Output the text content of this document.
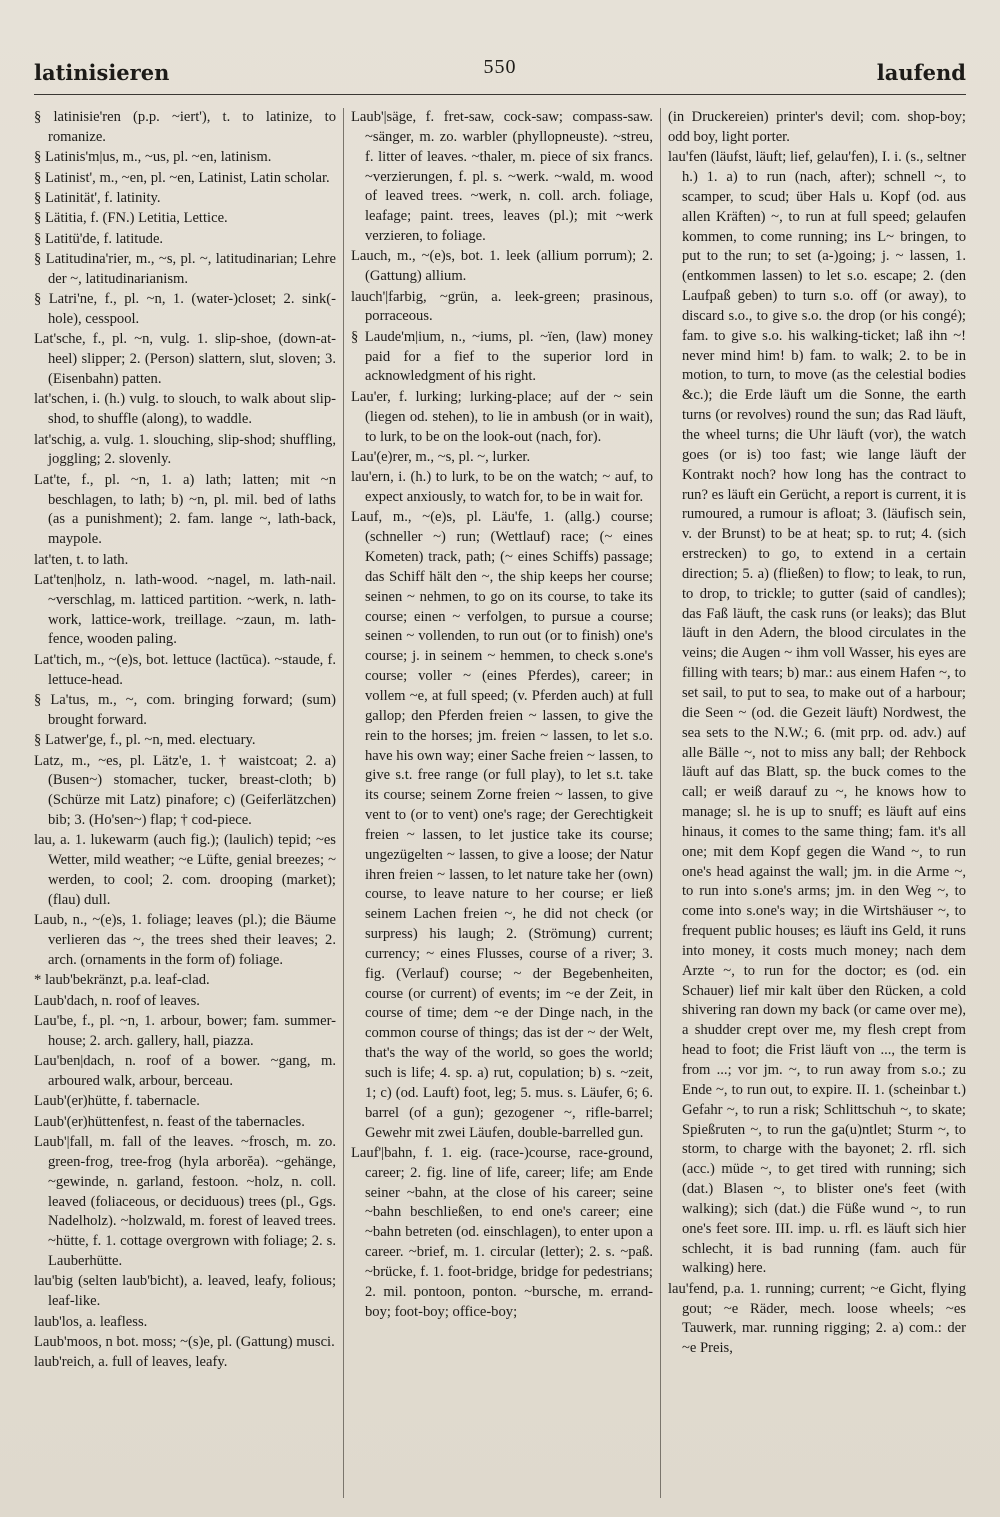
latinisieren	550	laufend

§ latinisie'ren (p.p. ~iert'), t. to latinize, to romanize.

§ Latinis'm|us, m., ~us, pl. ~en, latinism.

§ Latinist', m., ~en, pl. ~en, Latinist, Latin scholar.

§ Latinität', f. latinity.

§ Lätitia, f. (FN.) Letitia, Lettice.

§ Latitü'de, f. latitude.

§ Latitudina'rier, m., ~s, pl. ~, latitudinarian; Lehre der ~, latitudinarianism.

§ Latri'ne, f., pl. ~n, 1. (water-)closet; 2. sink(-hole), cesspool.

Lat'sche, f., pl. ~n, vulg. 1. slip-shoe, (down-at-heel) slipper; 2. (Person) slattern, slut, sloven; 3. (Eisenbahn) patten.

lat'schen, i. (h.) vulg. to slouch, to walk about slip-shod, to shuffle (along), to waddle.

lat'schig, a. vulg. 1. slouching, slip-shod; shuffling, joggling; 2. slovenly.

Lat'te, f., pl. ~n, 1. a) lath; latten; mit ~n beschlagen, to lath; b) ~n, pl. mil. bed of laths (as a punishment); 2. fam. lange ~, lath-back, maypole.

lat'ten, t. to lath.

Lat'ten|holz, n. lath-wood. ~nagel, m. lath-nail. ~verschlag, m. latticed partition. ~werk, n. lath-work, lattice-work, treillage. ~zaun, m. lath-fence, wooden paling.

Lat'tich, m., ~(e)s, bot. lettuce (lactūca). ~staude, f. lettuce-head.

§ La'tus, m., ~, com. bringing forward; (sum) brought forward.

§ Latwer'ge, f., pl. ~n, med. electuary.

Latz, m., ~es, pl. Lätz'e, 1. † waistcoat; 2. a) (Busen~) stomacher, tucker, breast-cloth; b) (Schürze mit Latz) pinafore; c) (Geiferlätzchen) bib; 3. (Ho'sen~) flap; † cod-piece.

lau, a. 1. lukewarm (auch fig.); (laulich) tepid; ~es Wetter, mild weather; ~e Lüfte, genial breezes; ~ werden, to cool; 2. com. drooping (market); (flau) dull.

Laub, n., ~(e)s, 1. foliage; leaves (pl.); die Bäume verlieren das ~, the trees shed their leaves; 2. arch. (ornaments in the form of) foliage.

* laub'bekränzt, p.a. leaf-clad.

Laub'dach, n. roof of leaves.

Lau'be, f., pl. ~n, 1. arbour, bower; fam. summer-house; 2. arch. gallery, hall, piazza.

Lau'ben|dach, n. roof of a bower. ~gang, m. arboured walk, arbour, berceau.

Laub'(er)hütte, f. tabernacle.

Laub'(er)hüttenfest, n. feast of the tabernacles.

Laub'|fall, m. fall of the leaves. ~frosch, m. zo. green-frog, tree-frog (hyla arborĕa). ~gehänge, ~gewinde, n. garland, festoon. ~holz, n. coll. leaved (foliaceous, or deciduous) trees (pl., Ggs. Nadelholz). ~holzwald, m. forest of leaved trees. ~hütte, f. 1. cottage overgrown with foliage; 2. s. Lauberhütte.

lau'big (selten laub'bicht), a. leaved, leafy, folious; leaf-like.

laub'los, a. leafless.

Laub'moos, n bot. moss; ~(s)e, pl. (Gattung) musci.

laub'reich, a. full of leaves, leafy.

Laub'|säge, f. fret-saw, cock-saw; compass-saw. ~sänger, m. zo. warbler (phyllopneuste). ~streu, f. litter of leaves. ~thaler, m. piece of six francs. ~verzierungen, f. pl. s. ~werk. ~wald, m. wood of leaved trees. ~werk, n. coll. arch. foliage, leafage; paint. trees, leaves (pl.); mit ~werk verzieren, to foliage.

Lauch, m., ~(e)s, bot. 1. leek (allium porrum); 2. (Gattung) allium.

lauch'|farbig, ~grün, a. leek-green; prasinous, porraceous.

§ Laude'm|ium, n., ~iums, pl. ~ïen, (law) money paid for a fief to the superior lord in acknowledgment of his right.

Lau'er, f. lurking; lurking-place; auf der ~ sein (liegen od. stehen), to lie in ambush (or in wait), to lurk, to be on the look-out (nach, for).

Lau'(e)rer, m., ~s, pl. ~, lurker.

lau'ern, i. (h.) to lurk, to be on the watch; ~ auf, to expect anxiously, to watch for, to be in wait for.

Lauf, m., ~(e)s, pl. Läu'fe, 1. (allg.) course; (schneller ~) run; (Wettlauf) race; (~ eines Kometen) track, path; (~ eines Schiffs) passage; das Schiff hält den ~, the ship keeps her course; seinen ~ nehmen, to go on its course, to take its course; einen ~ verfolgen, to pursue a course; seinen ~ vollenden, to run out (or to finish) one's course; j. in seinem ~ hemmen, to check s.one's course; voller ~ (eines Pferdes), career; in vollem ~e, at full speed; (v. Pferden auch) at full gallop; den Pferden freien ~ lassen, to give the rein to the horses; jm. freien ~ lassen, to let s.o. have his own way; einer Sache freien ~ lassen, to give s.t. free range (or full play), to let s.t. take its course; seinem Zorne freien ~ lassen, to give vent to (or to vent) one's rage; der Gerechtigkeit freien ~ lassen, to let justice take its course; ungezügelten ~ lassen, to give a loose; der Natur ihren freien ~ lassen, to let nature take her (own) course, to leave nature to her course; er ließ seinem Lachen freien ~, he did not check (or surpress) his laugh; 2. (Strömung) current; currency; ~ eines Flusses, course of a river; 3. fig. (Verlauf) course; ~ der Begebenheiten, course (or current) of events; im ~e der Zeit, in course of time; dem ~e der Dinge nach, in the common course of things; das ist der ~ der Welt, that's the way of the world, so goes the world; such is life; 4. sp. a) rut, copulation; b) s. ~zeit, 1; c) (od. Lauft) foot, leg; 5. mus. s. Läufer, 6; 6. barrel (of a gun); gezogener ~, rifle-barrel; Gewehr mit zwei Läufen, double-barrelled gun.

Lauf'|bahn, f. 1. eig. (race-)course, race-ground, career; 2. fig. line of life, career; life; am Ende seiner ~bahn, at the close of his career; seine ~bahn beschließen, to end one's career; eine ~bahn betreten (od. einschlagen), to enter upon a career. ~brief, m. 1. circular (letter); 2. s. ~paß. ~brücke, f. 1. foot-bridge, bridge for pedestrians; 2. mil. pontoon, ponton. ~bursche, m. errand-boy; foot-boy; office-boy;

(in Druckereien) printer's devil; com. shop-boy; odd boy, light porter.

lau'fen (läufst, läuft; lief, gelau'fen), I. i. (s., seltner h.) 1. a) to run (nach, after); schnell ~, to scamper, to scud; über Hals u. Kopf (od. aus allen Kräften) ~, to run at full speed; gelaufen kommen, to come running; ins L~ bringen, to put to the run; to set (a-)going; j. ~ lassen, 1. (entkommen lassen) to let s.o. escape; 2. (den Laufpaß geben) to turn s.o. off (or away), to discard s.o., to give s.o. the drop (or his congé); fam. to give s.o. his walking-ticket; laß ihn ~! never mind him! b) fam. to walk; 2. to be in motion, to turn, to move (as the celestial bodies &c.); die Erde läuft um die Sonne, the earth turns (or revolves) round the sun; das Rad läuft, the wheel turns; die Uhr läuft (vor), the watch goes (or is) too fast; wie lange läuft der Kontrakt noch? how long has the contract to run? es läuft ein Gerücht, a report is current, it is rumoured, a rumour is afloat; 3. (läufisch sein, v. der Brunst) to be at heat; sp. to rut; 4. (sich erstrecken) to go, to extend in a certain direction; 5. a) (fließen) to flow; to leak, to run, to drop, to trickle; to gutter (said of candles); das Faß läuft, the cask runs (or leaks); das Blut läuft in den Adern, the blood circulates in the veins; die Augen ~ ihm voll Wasser, his eyes are filling with tears; b) mar.: aus einem Hafen ~, to set sail, to put to sea, to make out of a harbour; die Seen ~ (od. die Gezeit läuft) Nordwest, the sea sets to the N.W.; 6. (mit prp. od. adv.) auf alle Bälle ~, not to miss any ball; der Rehbock läuft auf das Blatt, sp. the buck comes to the call; er weiß darauf zu ~, he knows how to manage; sl. he is up to snuff; es läuft auf eins hinaus, it comes to the same thing; fam. it's all one; mit dem Kopf gegen die Wand ~, to run one's head against the wall; jm. in die Arme ~, to run into s.one's arms; jm. in den Weg ~, to come into s.one's way; in die Wirtshäuser ~, to frequent public houses; es läuft ins Geld, it runs into money, it costs much money; nach dem Arzte ~, to run for the doctor; es (od. ein Schauer) lief mir kalt über den Rücken, a cold shivering ran down my back (or came over me), a shudder crept over me, my flesh crept from head to foot; die Frist läuft von ..., the term is from ...; vor jm. ~, to run away from s.o.; zu Ende ~, to run out, to expire. II. 1. (scheinbar t.) Gefahr ~, to run a risk; Schlittschuh ~, to skate; Spießruten ~, to run the ga(u)ntlet; Sturm ~, to storm, to charge with the bayonet; 2. rfl. sich (acc.) müde ~, to get tired with running; sich (dat.) Blasen ~, to blister one's feet (with walking); sich (dat.) die Füße wund ~, to run one's feet sore. III. imp. u. rfl. es läuft sich hier schlecht, it is bad running (fam. auch für walking) here.

lau'fend, p.a. 1. running; current; ~e Gicht, flying gout; ~e Räder, mech. loose wheels; ~es Tauwerk, mar. running rigging; 2. a) com.: der ~e Preis,
